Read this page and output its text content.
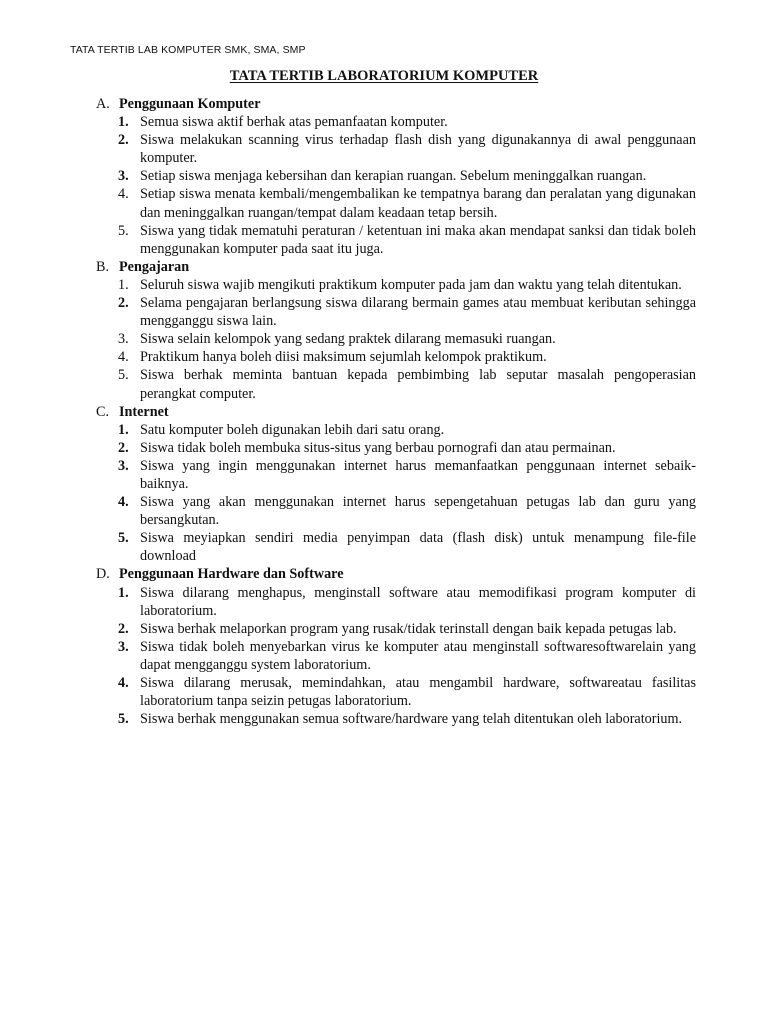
TATA TERTIB LAB KOMPUTER SMK, SMA, SMP
TATA TERTIB LABORATORIUM KOMPUTER
A. Penggunaan Komputer
1. Semua siswa aktif berhak atas pemanfaatan komputer.
2. Siswa melakukan scanning virus terhadap flash dish yang digunakannya di awal penggunaan komputer.
3. Setiap siswa menjaga kebersihan dan kerapian ruangan. Sebelum meninggalkan ruangan.
4. Setiap siswa menata kembali/mengembalikan ke tempatnya barang dan peralatan yang digunakan dan meninggalkan ruangan/tempat dalam keadaan tetap bersih.
5. Siswa yang tidak mematuhi peraturan / ketentuan ini maka akan mendapat sanksi dan tidak boleh menggunakan komputer pada saat itu juga.
B. Pengajaran
1. Seluruh siswa wajib mengikuti praktikum komputer pada jam dan waktu yang telah ditentukan.
2. Selama pengajaran berlangsung siswa dilarang bermain games atau membuat keributan sehingga mengganggu siswa lain.
3. Siswa selain kelompok yang sedang praktek dilarang memasuki ruangan.
4. Praktikum hanya boleh diisi maksimum sejumlah kelompok praktikum.
5. Siswa berhak meminta bantuan kepada pembimbing lab seputar masalah pengoperasian perangkat computer.
C. Internet
1. Satu komputer boleh digunakan lebih dari satu orang.
2. Siswa tidak boleh membuka situs-situs yang berbau pornografi dan atau permainan.
3. Siswa yang ingin menggunakan internet harus memanfaatkan penggunaan internet sebaik-baiknya.
4. Siswa yang akan menggunakan internet harus sepengetahuan petugas lab dan guru yang bersangkutan.
5. Siswa meyiapkan sendiri media penyimpan data (flash disk) untuk menampung file-file download
D. Penggunaan Hardware dan Software
1. Siswa dilarang menghapus, menginstall software atau memodifikasi program komputer di laboratorium.
2. Siswa berhak melaporkan program yang rusak/tidak terinstall dengan baik kepada petugas lab.
3. Siswa tidak boleh menyebarkan virus ke komputer atau menginstall softwaresoftwarelain yang dapat mengganggu system laboratorium.
4. Siswa dilarang merusak, memindahkan, atau mengambil hardware, softwareatau fasilitas laboratorium tanpa seizin petugas laboratorium.
5. Siswa berhak menggunakan semua software/hardware yang telah ditentukan oleh laboratorium.
